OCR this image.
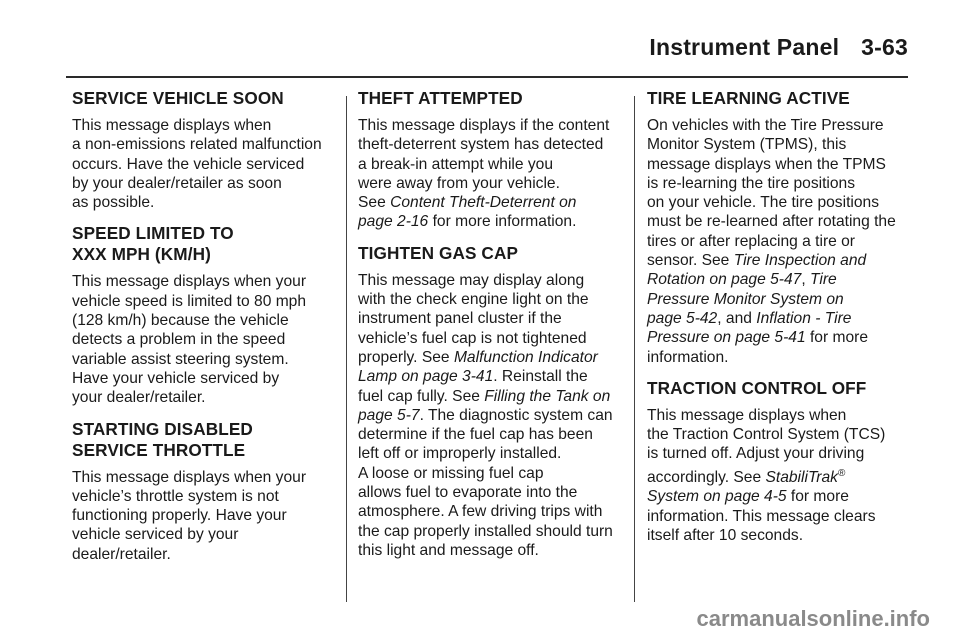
Instrument Panel 3-63
SERVICE VEHICLE SOON

This message displays when
a non-emissions related malfunction
occurs. Have the vehicle serviced
by your dealer/retailer as soon
as possible.

SPEED LIMITED TO
XXX MPH (KM/H)

This message displays when your
vehicle speed is limited to 80 mph
(128 km/h) because the vehicle
detects a problem in the speed
variable assist steering system.
Have your vehicle serviced by
your dealer/retailer.

STARTING DISABLED
SERVICE THROTTLE

This message displays when your
vehicle’s throttle system is not
functioning properly. Have your
vehicle serviced by your
dealer/retailer.

THEFT ATTEMPTED

This message displays if the content
theft-deterrent system has detected
a break-in attempt while you
were away from your vehicle.
See Content Theft-Deterrent on
page 2-16 for more information.

TIGHTEN GAS CAP

This message may display along
with the check engine light on the
instrument panel cluster if the
vehicle’s fuel cap is not tightened
properly. See Malfunction Indicator
Lamp on page 3-41. Reinstall the
fuel cap fully. See Filling the Tank on
page 5-7. The diagnostic system can
determine if the fuel cap has been
left off or improperly installed.
A loose or missing fuel cap
allows fuel to evaporate into the
atmosphere. A few driving trips with
the cap properly installed should turn
this light and message off.

TIRE LEARNING ACTIVE

On vehicles with the Tire Pressure
Monitor System (TPMS), this
message displays when the TPMS
is re-learning the tire positions
on your vehicle. The tire positions
must be re-learned after rotating the
tires or after replacing a tire or
sensor. See Tire Inspection and
Rotation on page 5-47, Tire
Pressure Monitor System on
page 5-42, and Inflation - Tire
Pressure on page 5-41 for more
information.

TRACTION CONTROL OFF

This message displays when
the Traction Control System (TCS)
is turned off. Adjust your driving
accordingly. See StabiliTrak®
System on page 4-5 for more
information. This message clears
itself after 10 seconds.

carmanualsonline.info
